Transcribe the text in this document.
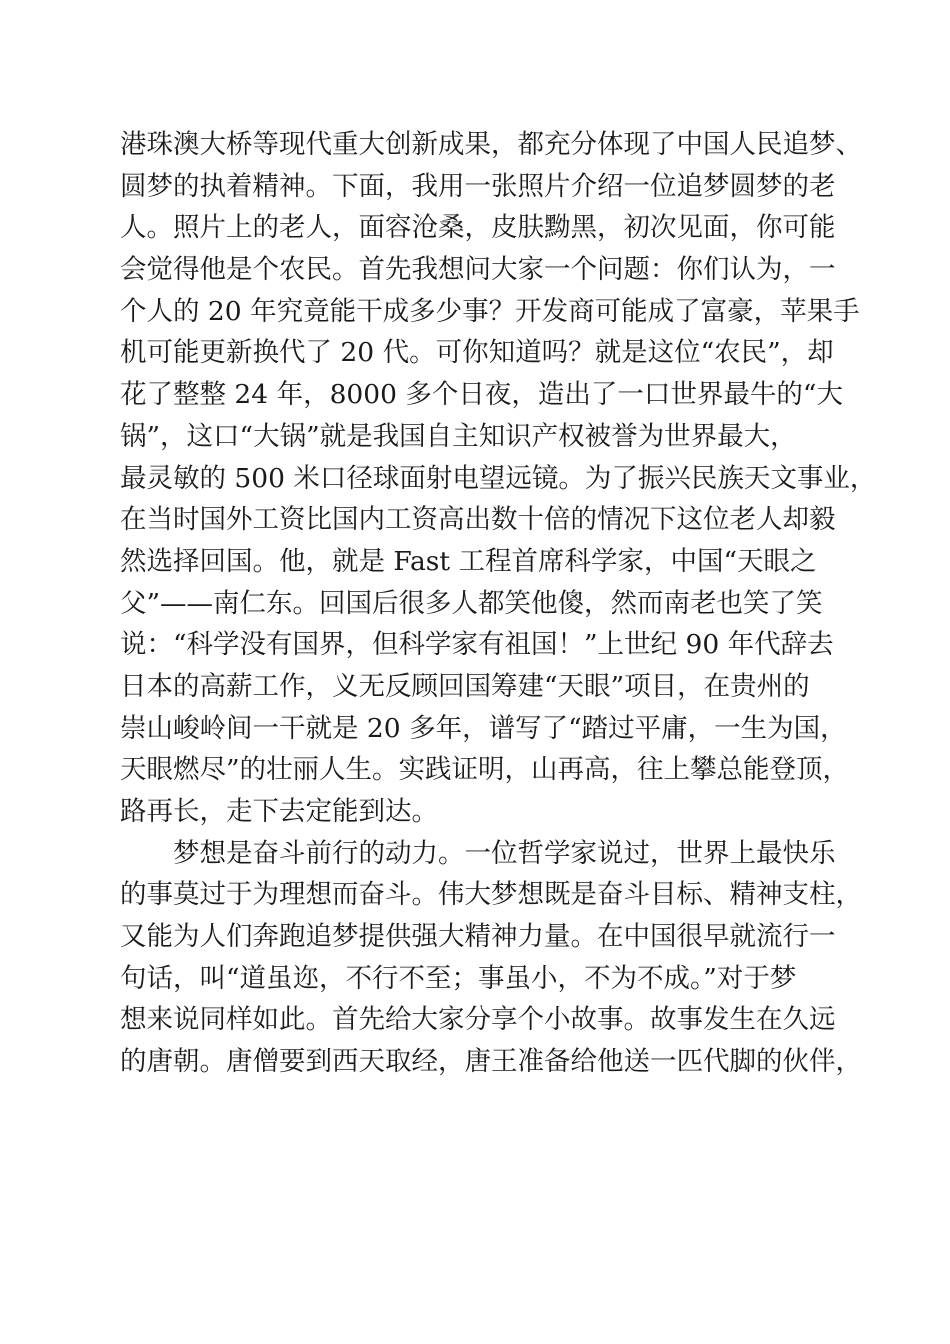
港珠澳大桥等现代重大创新成果，都充分体现了中国人民追梦、
圆梦的执着精神。下面，我用一张照片介绍一位追梦圆梦的老
人。照片上的老人，面容沧桑，皮肤黝黑，初次见面，你可能
会觉得他是个农民。首先我想问大家一个问题：你们认为，一
个人的 20 年究竟能干成多少事？开发商可能成了富豪，苹果手
机可能更新换代了 20 代。可你知道吗？就是这位“农民”，却
花了整整 24 年，8000 多个日夜，造出了一口世界最牛的“大
锅”，这口“大锅”就是我国自主知识产权被誉为世界最大，
最灵敏的 500 米口径球面射电望远镜。为了振兴民族天文事业，
在当时国外工资比国内工资高出数十倍的情况下这位老人却毅
然选择回国。他，就是 Fast 工程首席科学家，中国“天眼之
父”——南仁东。回国后很多人都笑他傻，然而南老也笑了笑
说：“科学没有国界，但科学家有祖国！”上世纪 90 年代辞去
日本的高薪工作，义无反顾回国筹建“天眼”项目，在贵州的
崇山峻岭间一干就是 20 多年，谱写了“踏过平庸，一生为国，
天眼燃尽”的壮丽人生。实践证明，山再高，往上攀总能登顶，
路再长，走下去定能到达。
　　梦想是奋斗前行的动力。一位哲学家说过，世界上最快乐
的事莫过于为理想而奋斗。伟大梦想既是奋斗目标、精神支柱，
又能为人们奔跑追梦提供强大精神力量。在中国很早就流行一
句话，叫“道虽迩，不行不至；事虽小，不为不成。”对于梦
想来说同样如此。首先给大家分享个小故事。故事发生在久远
的唐朝。唐僧要到西天取经，唐王准备给他送一匹代脚的伙伴，
